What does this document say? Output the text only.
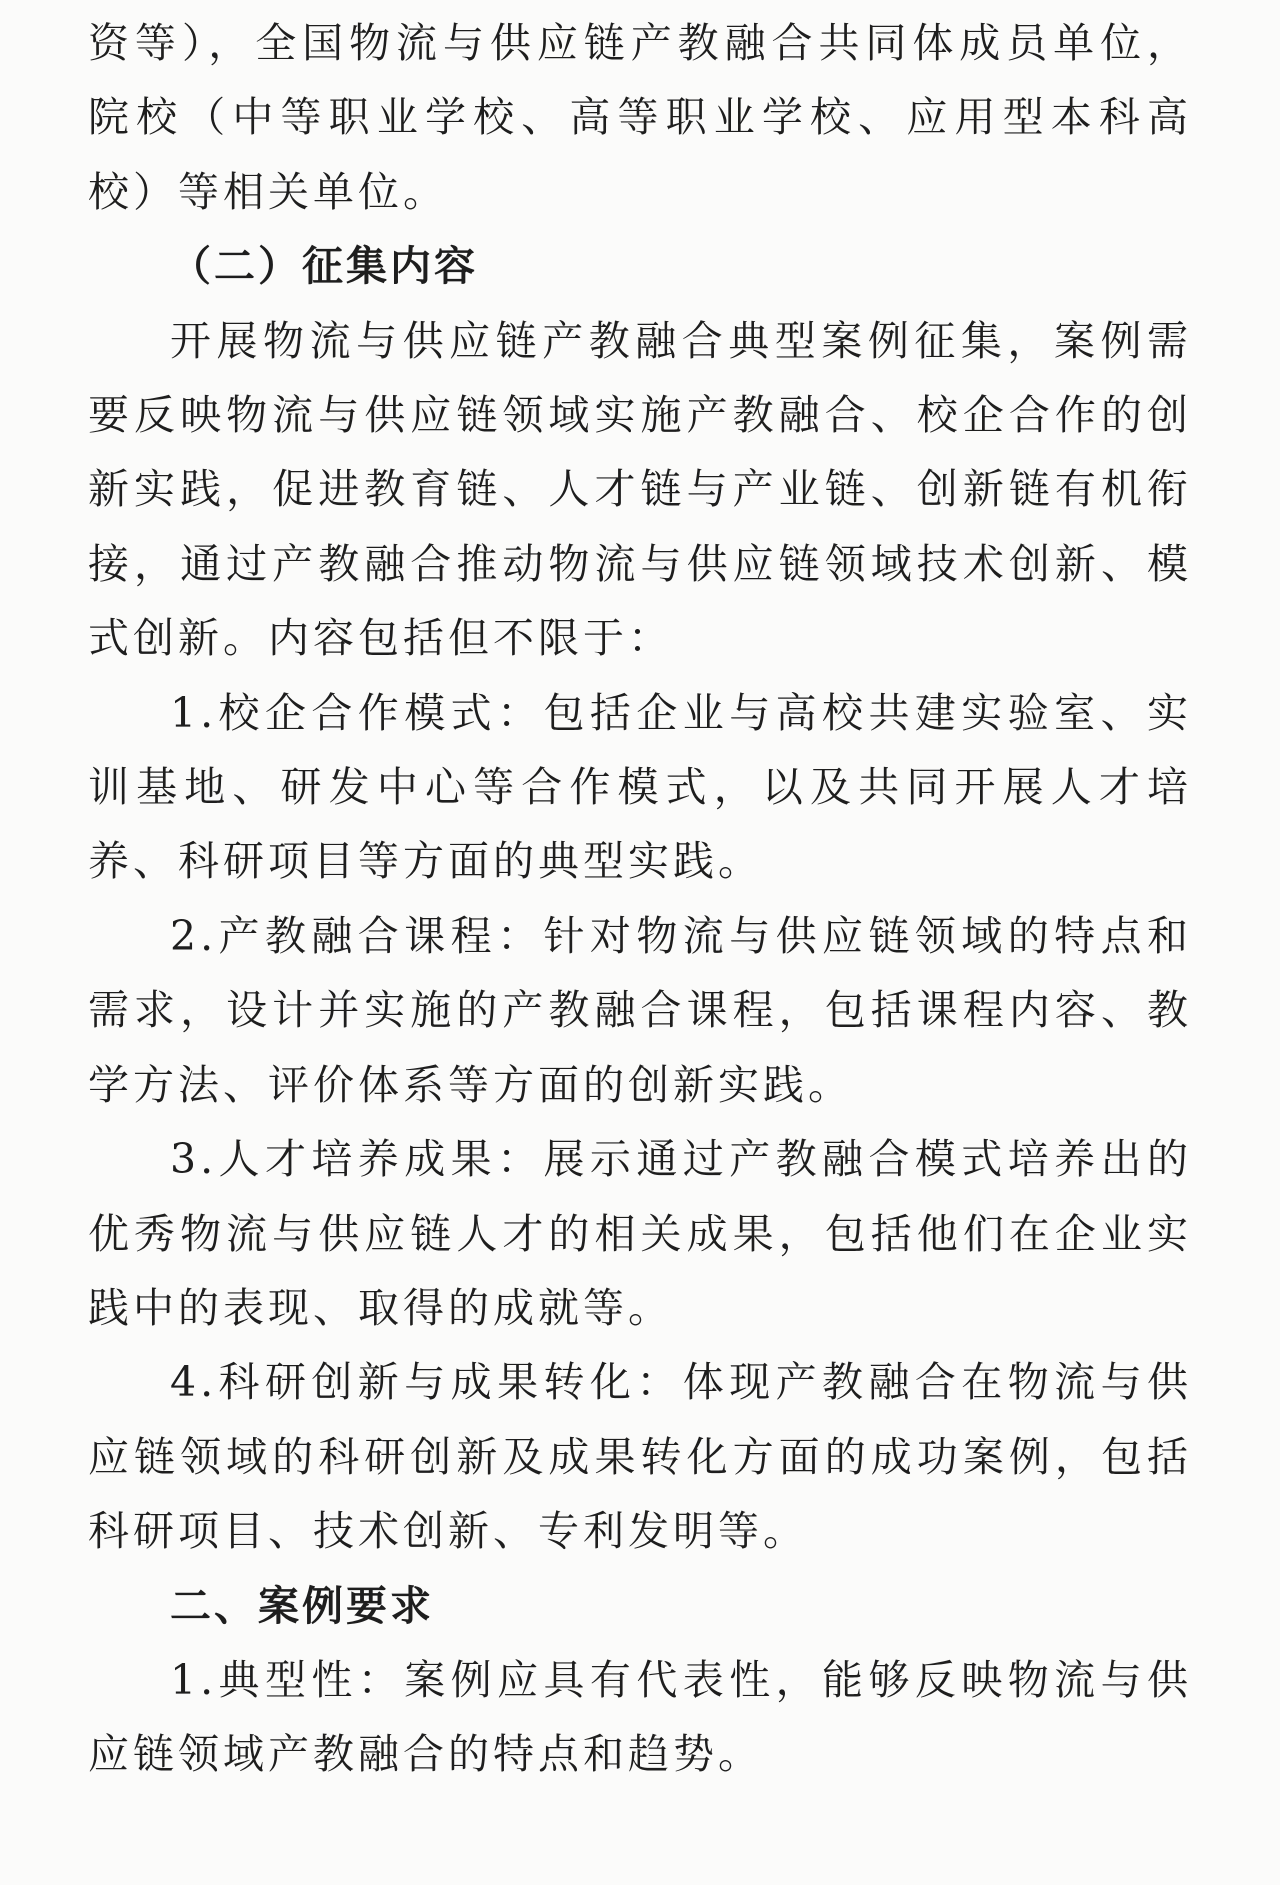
资等），全国物流与供应链产教融合共同体成员单位，院校（中等职业学校、高等职业学校、应用型本科高校）等相关单位。

（二）征集内容

开展物流与供应链产教融合典型案例征集，案例需要反映物流与供应链领域实施产教融合、校企合作的创新实践，促进教育链、人才链与产业链、创新链有机衔接，通过产教融合推动物流与供应链领域技术创新、模式创新。内容包括但不限于：

1.校企合作模式：包括企业与高校共建实验室、实训基地、研发中心等合作模式，以及共同开展人才培养、科研项目等方面的典型实践。

2.产教融合课程：针对物流与供应链领域的特点和需求，设计并实施的产教融合课程，包括课程内容、教学方法、评价体系等方面的创新实践。

3.人才培养成果：展示通过产教融合模式培养出的优秀物流与供应链人才的相关成果，包括他们在企业实践中的表现、取得的成就等。

4.科研创新与成果转化：体现产教融合在物流与供应链领域的科研创新及成果转化方面的成功案例，包括科研项目、技术创新、专利发明等。

二、案例要求

1.典型性：案例应具有代表性，能够反映物流与供应链领域产教融合的特点和趋势。
